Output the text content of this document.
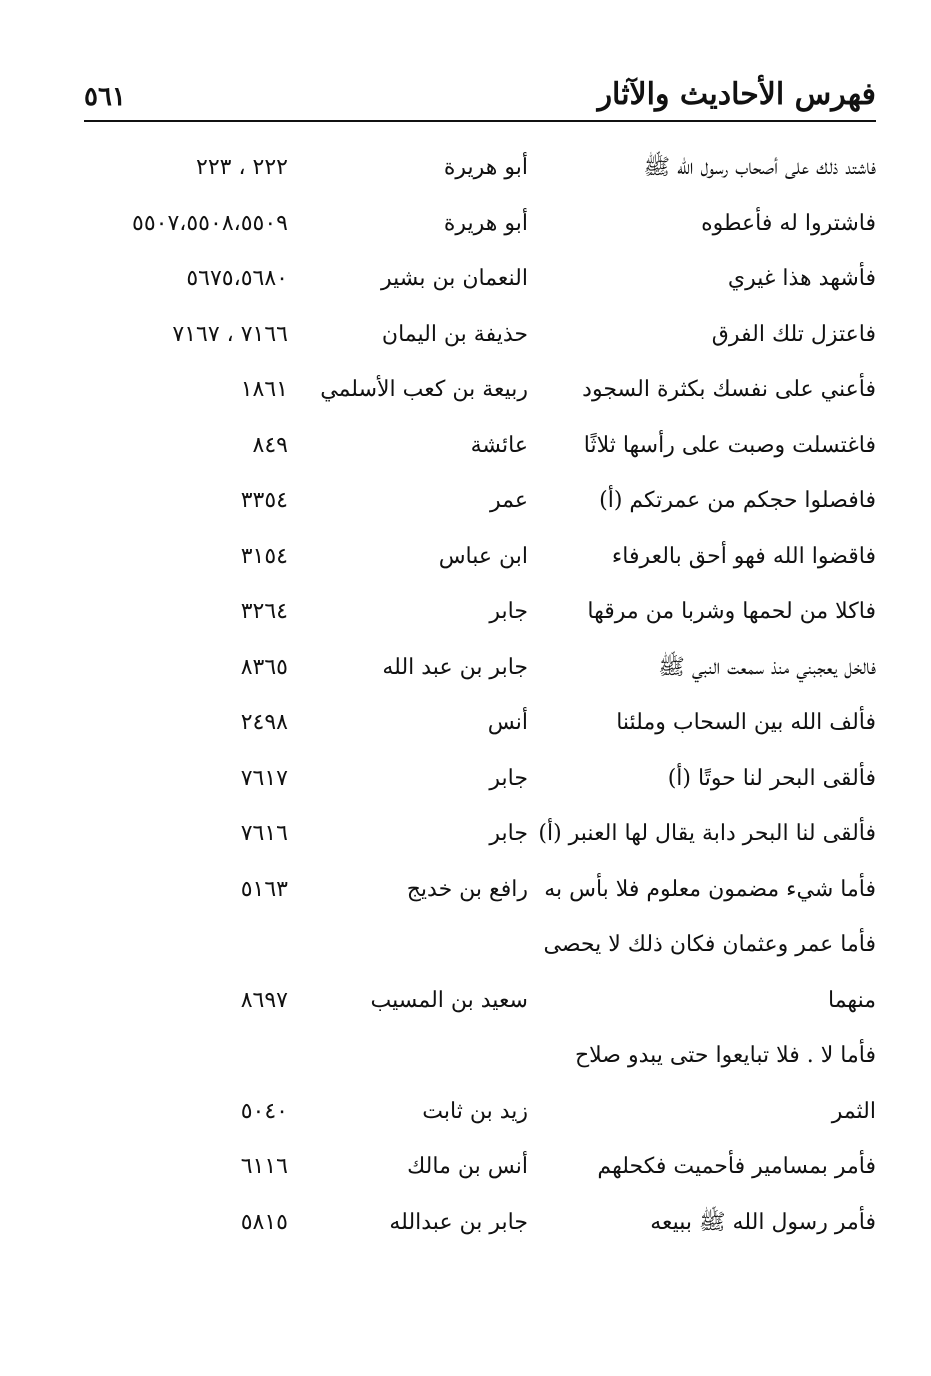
٥٦١	فهرس الأحاديث والآثار
فاشتد ذلك على أصحاب رسول الله ﷺ
أبو هريرة
٢٢٢ ، ٢٢٣
فاشتروا له فأعطوه
أبو هريرة
٥٥٠٧،٥٥٠٨،٥٥٠٩
فأشهد هذا غيري
النعمان بن بشير
٥٦٧٥،٥٦٨٠
فاعتزل تلك الفرق
حذيفة بن اليمان
٧١٦٦ ، ٧١٦٧
فأعني على نفسك بكثرة السجود
ربيعة بن كعب الأسلمي
١٨٦١
فاغتسلت وصبت على رأسها ثلاثًا
عائشة
٨٤٩
فافصلوا حجكم من عمرتكم (أ)
عمر
٣٣٥٤
فاقضوا الله فهو أحق بالعرفاء
ابن عباس
٣١٥٤
فاكلا من لحمها وشربا من مرقها
جابر
٣٢٦٤
فالخل يعجبني منذ سمعت النبي ﷺ
جابر بن عبد الله
٨٣٦٥
فألف الله بين السحاب وملئنا
أنس
٢٤٩٨
فألقى البحر لنا حوتًا (أ)
جابر
٧٦١٧
فألقى لنا البحر دابة يقال لها العنبر (أ)
جابر
٧٦١٦
فأما شيء مضمون معلوم فلا بأس به
رافع بن خديج
٥١٦٣
فأما عمر وعثمان فكان ذلك لا يحصى
منهما
سعيد بن المسيب
٨٦٩٧
فأما لا . فلا تبايعوا حتى يبدو صلاح
الثمر
زيد بن ثابت
٥٠٤٠
فأمر بمسامير فأحميت فكحلهم
أنس بن مالك
٦١١٦
فأمر رسول الله ﷺ ببيعه
جابر بن عبدالله
٥٨١٥
